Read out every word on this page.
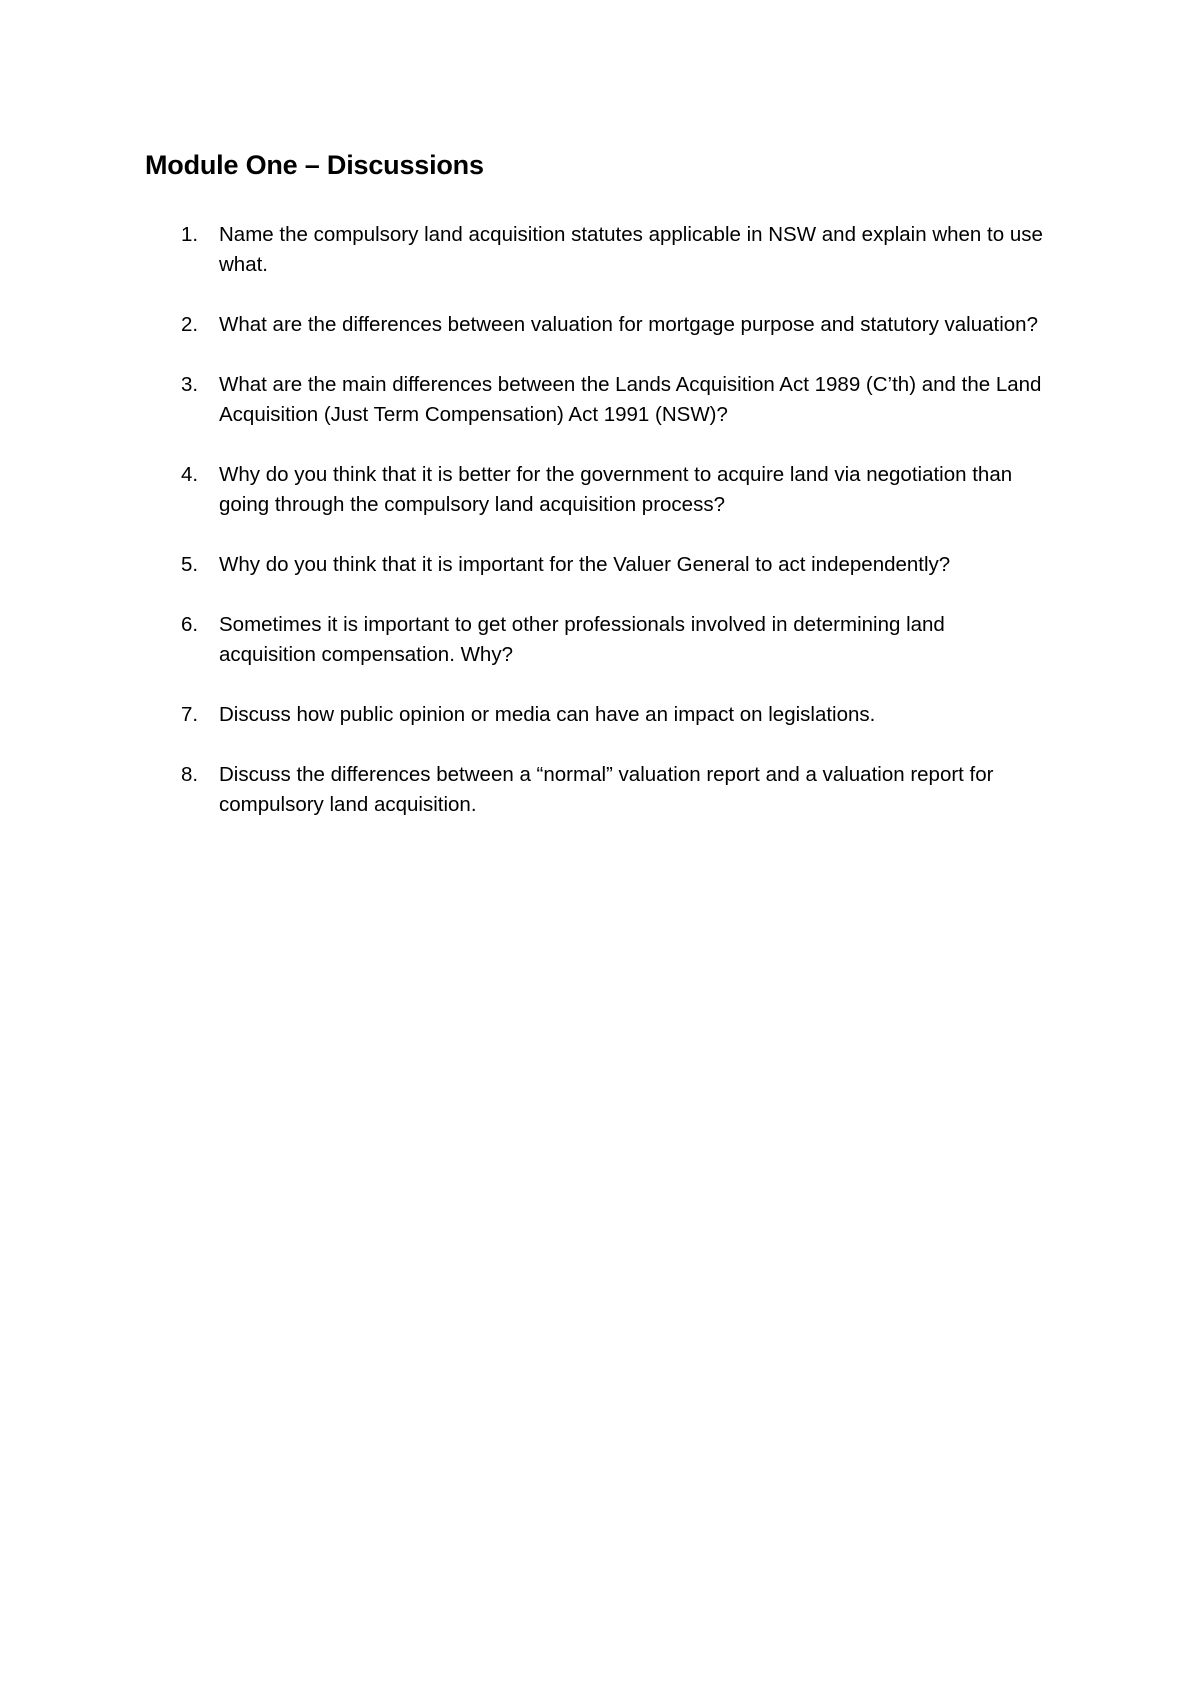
Module One – Discussions
1.	Name the compulsory land acquisition statutes applicable in NSW and explain when to use what.
2.	What are the differences between valuation for mortgage purpose and statutory valuation?
3.	What are the main differences between the Lands Acquisition Act 1989 (C’th) and the Land Acquisition (Just Term Compensation) Act 1991 (NSW)?
4.	Why do you think that it is better for the government to acquire land via negotiation than going through the compulsory land acquisition process?
5.	Why do you think that it is important for the Valuer General to act independently?
6.	Sometimes it is important to get other professionals involved in determining land acquisition compensation. Why?
7.	Discuss how public opinion or media can have an impact on legislations.
8.	Discuss the differences between a “normal” valuation report and a valuation report for compulsory land acquisition.
